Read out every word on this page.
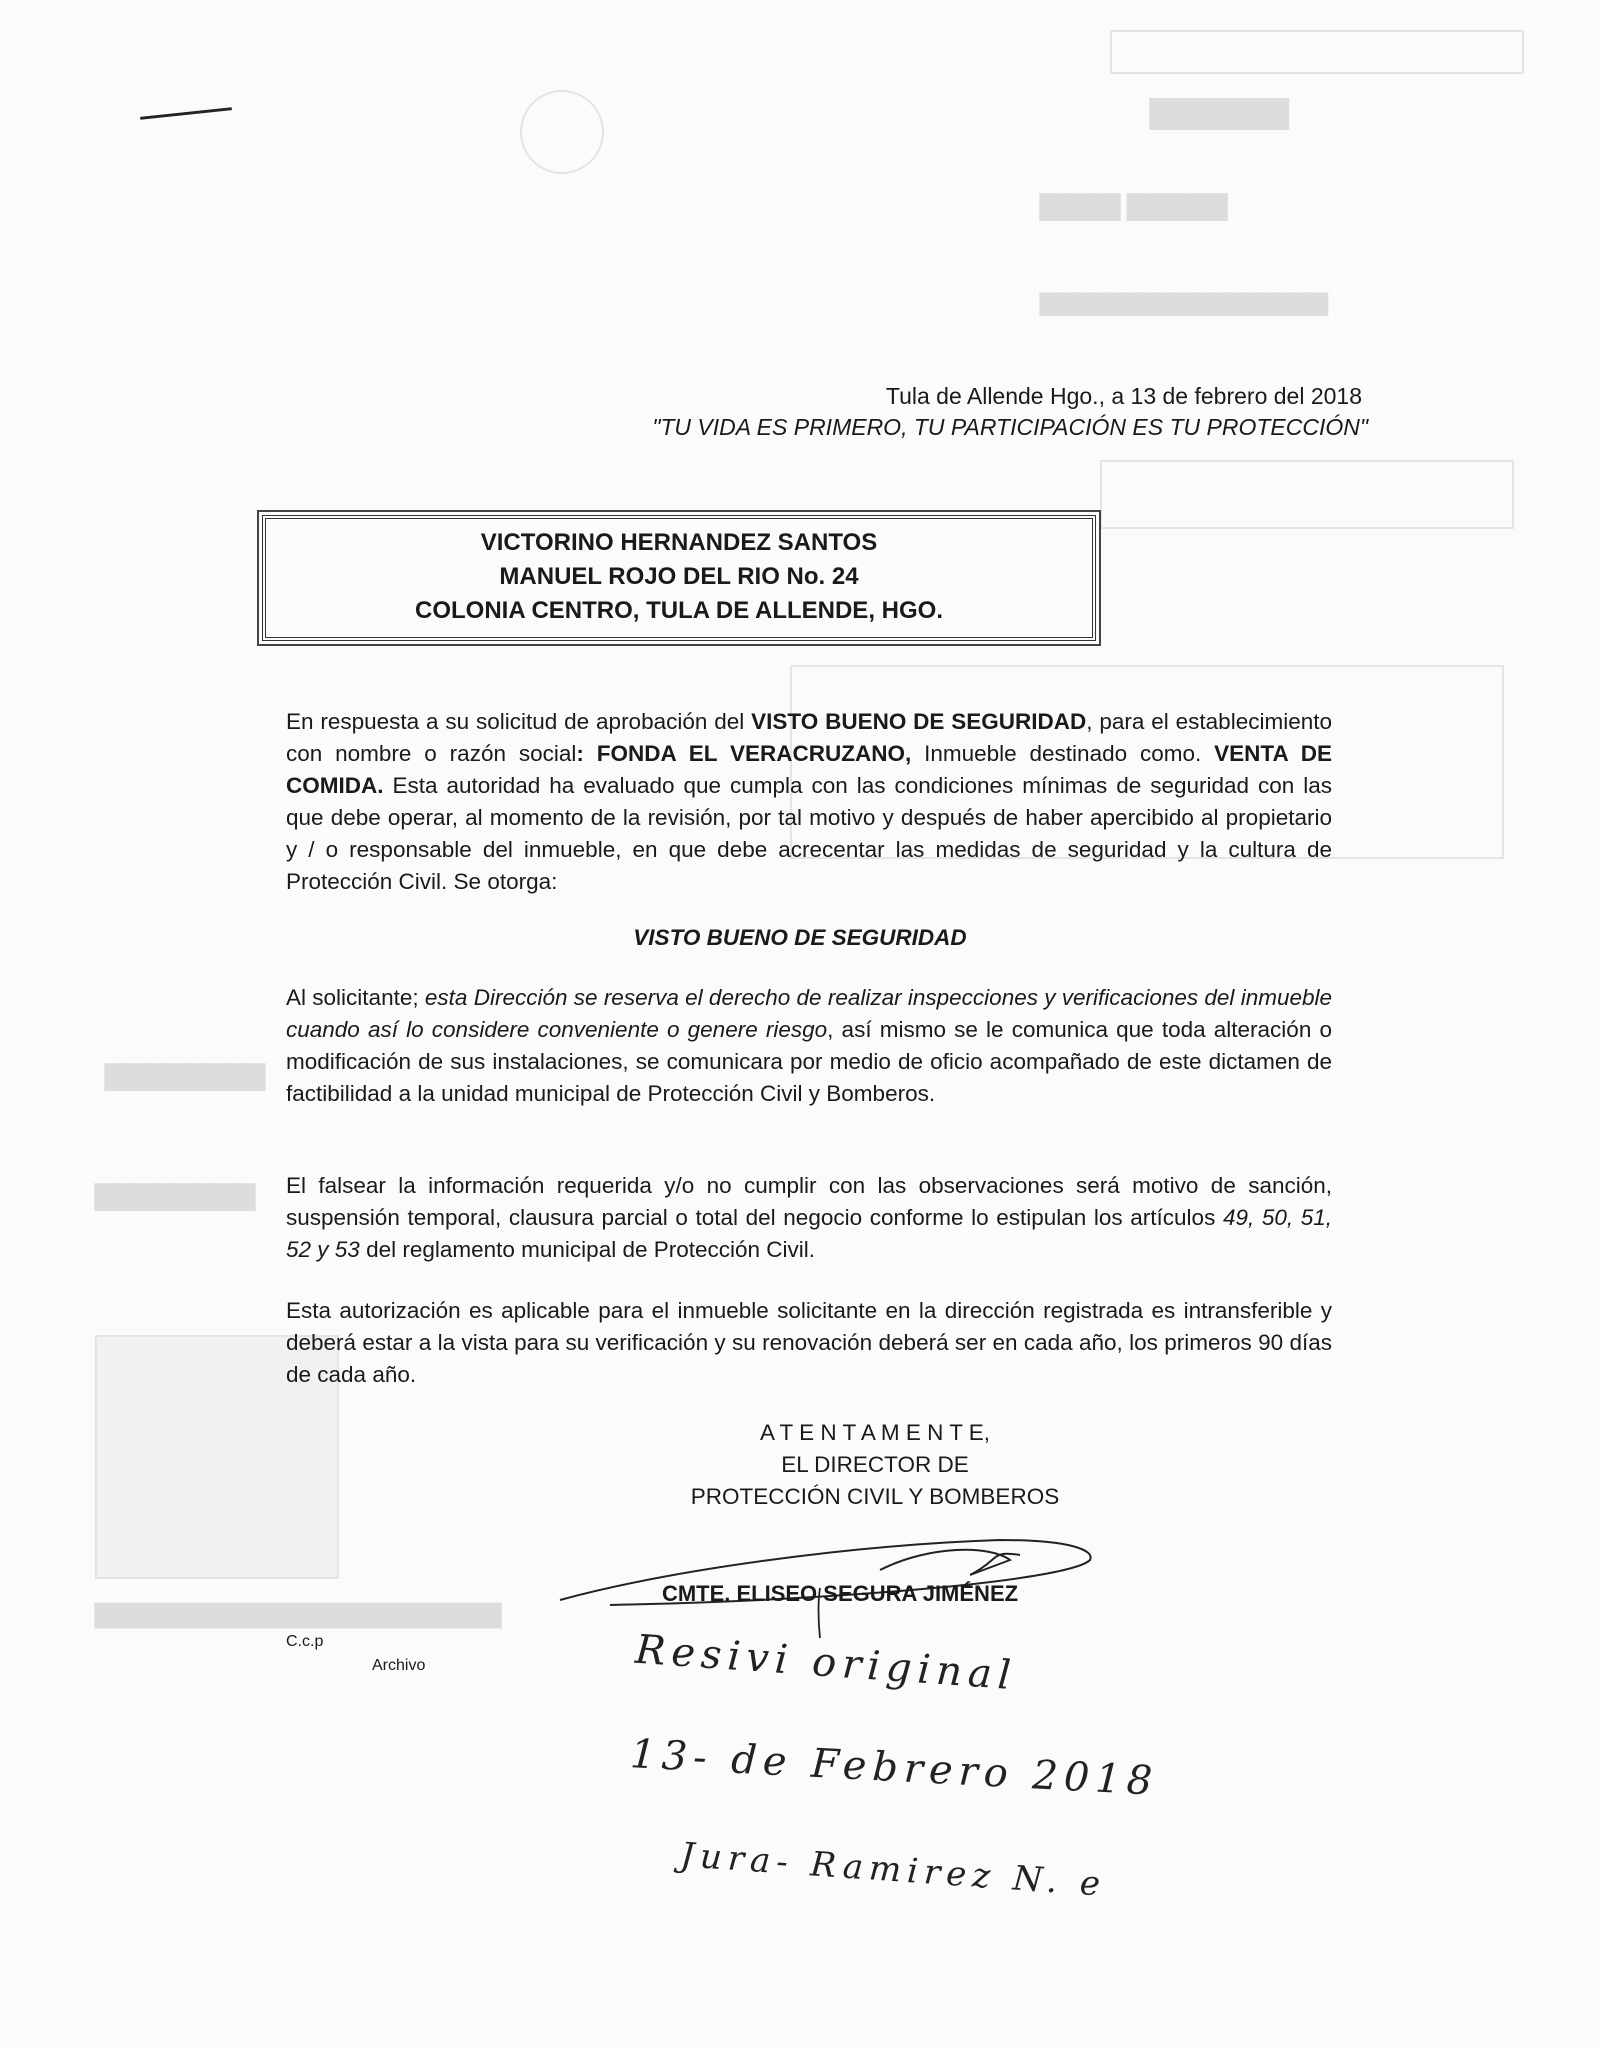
▇▇▇▇▇▇
▇▇▇▇ ▇▇▇▇▇
▇▇▇▇▇▇▇▇▇▇▇▇▇▇▇▇▇
▇▇▇▇▇▇▇▇
▇▇▇▇▇▇▇▇
▇▇▇▇▇▇▇▇▇▇▇▇▇▇▇▇▇▇▇▇▇▇
Tula de Allende Hgo., a 13 de febrero del 2018
"TU VIDA ES PRIMERO, TU PARTICIPACIÓN ES TU PROTECCIÓN"
VICTORINO HERNANDEZ SANTOS
MANUEL ROJO DEL RIO No. 24
COLONIA CENTRO, TULA DE ALLENDE, HGO.
En respuesta a su solicitud de aprobación del VISTO BUENO DE SEGURIDAD, para el establecimiento con nombre o razón social: FONDA EL VERACRUZANO, Inmueble destinado como. VENTA DE COMIDA. Esta autoridad ha evaluado que cumpla con las condiciones mínimas de seguridad con las que debe operar, al momento de la revisión, por tal motivo y después de haber apercibido al propietario y / o responsable del inmueble, en que debe acrecentar las medidas de seguridad y la cultura de Protección Civil. Se otorga:
VISTO BUENO DE SEGURIDAD
Al solicitante; esta Dirección se reserva el derecho de realizar inspecciones y verificaciones del inmueble cuando así lo considere conveniente o genere riesgo, así mismo se le comunica que toda alteración o modificación de sus instalaciones, se comunicara por medio de oficio acompañado de este dictamen de factibilidad a la unidad municipal de Protección Civil y Bomberos.
El falsear la información requerida y/o no cumplir con las observaciones será motivo de sanción, suspensión temporal, clausura parcial o total del negocio conforme lo estipulan los artículos 49, 50, 51, 52 y 53 del reglamento municipal de Protección Civil.
Esta autorización es aplicable para el inmueble solicitante en la dirección registrada es intransferible y deberá estar a la vista para su verificación y su renovación deberá ser en cada año, los primeros 90 días de cada año.
A T E N T A M E N T E,
EL DIRECTOR DE
PROTECCIÓN CIVIL Y BOMBEROS
CMTE. ELISEO SEGURA JIMÉNEZ
C.c.p
Archivo	Resivi original
13- de Febrero 2018
Jura- Ramirez N. e
